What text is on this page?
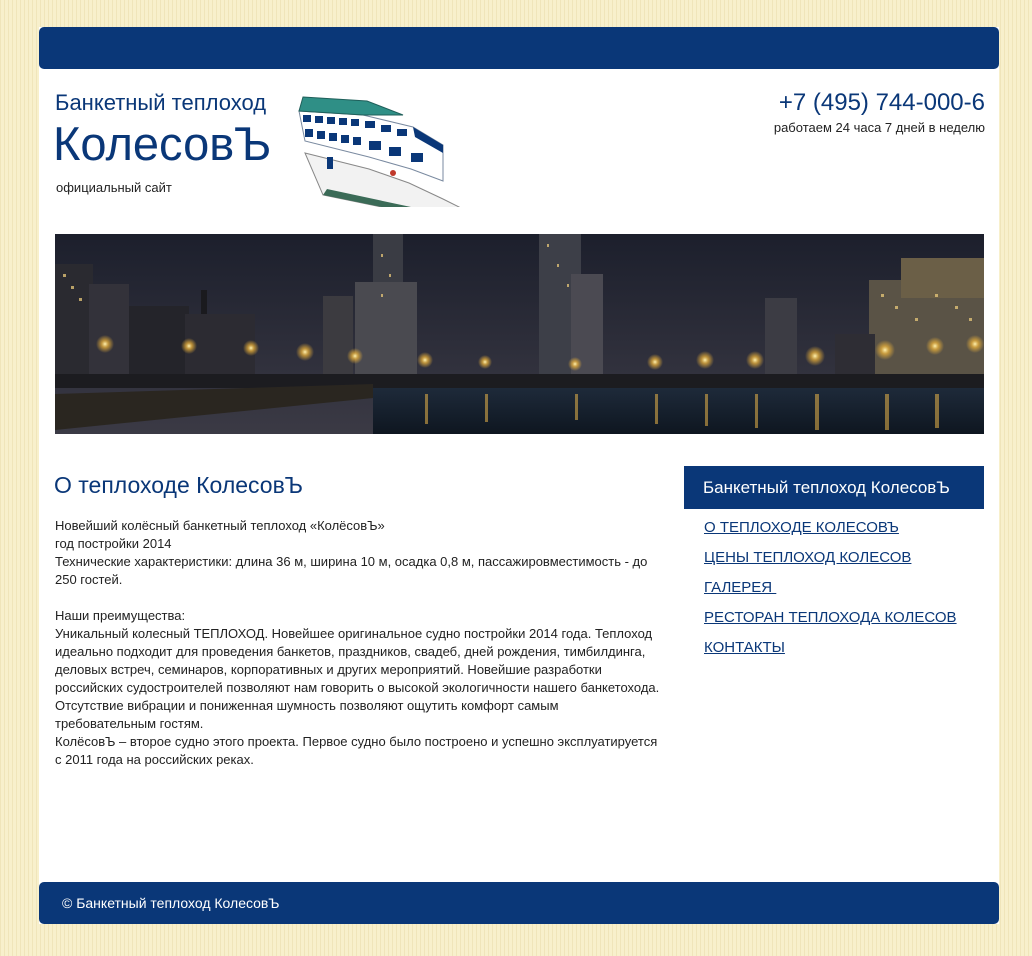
Банкетный теплоход
КолесовЪ
официальный сайт
+7 (495) 744-000-6
работаем 24 часа 7 дней в неделю
О теплоходе КолесовЪ

Новейший колёсный банкетный теплоход «КолёсовЪ»

год постройки 2014

Технические характеристики: длина 36 м, ширина 10 м, осадка 0,8 м, пассажировместимость - до 250 гостей.

Наши преимущества:

Уникальный колесный ТЕПЛОХОД. Новейшее оригинальное судно постройки 2014 года. Теплоход идеально подходит для проведения банкетов, праздников, свадеб, дней рождения, тимбилдинга, деловых встреч, семинаров, корпоративных и других мероприятий. Новейшие разработки российских судостроителей позволяют нам говорить о высокой экологичности нашего банкетохода. Отсутствие вибрации и пониженная шумность позволяют ощутить комфорт самым требовательным гостям.

КолёсовЪ – второе судно этого проекта. Первое судно было построено и успешно эксплуатируется с 2011 года на российских реках.

Банкетный теплоход КолесовЪ
О ТЕПЛОХОДЕ КОЛЕСОВЪ
ЦЕНЫ ТЕПЛОХОД КОЛЕСОВ
ГАЛЕРЕЯ
РЕСТОРАН ТЕПЛОХОДА КОЛЕСОВ
КОНТАКТЫ
© Банкетный теплоход КолесовЪ
